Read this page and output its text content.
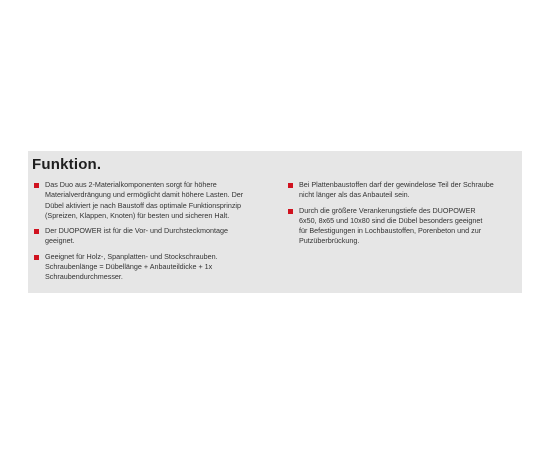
Funktion.
Das Duo aus 2-Materialkomponenten sorgt für höhere
Materialverdrängung und ermöglicht damit höhere Lasten. Der
Dübel aktiviert je nach Baustoff das optimale Funktionsprinzip
(Spreizen, Klappen, Knoten) für besten und sicheren Halt.
Der DUOPOWER ist für die Vor- und Durchsteckmontage
geeignet.
Geeignet für Holz-, Spanplatten- und Stockschrauben.
Schraubenlänge = Dübellänge + Anbauteildicke + 1x
Schraubendurchmesser.
Bei Plattenbaustoffen darf der gewindelose Teil der Schraube
nicht länger als das Anbauteil sein.
Durch die größere Verankerungstiefe des DUOPOWER
6x50, 8x65 und 10x80 sind die Dübel besonders geeignet
für Befestigungen in Lochbaustoffen, Porenbeton und zur
Putzüberbrückung.
